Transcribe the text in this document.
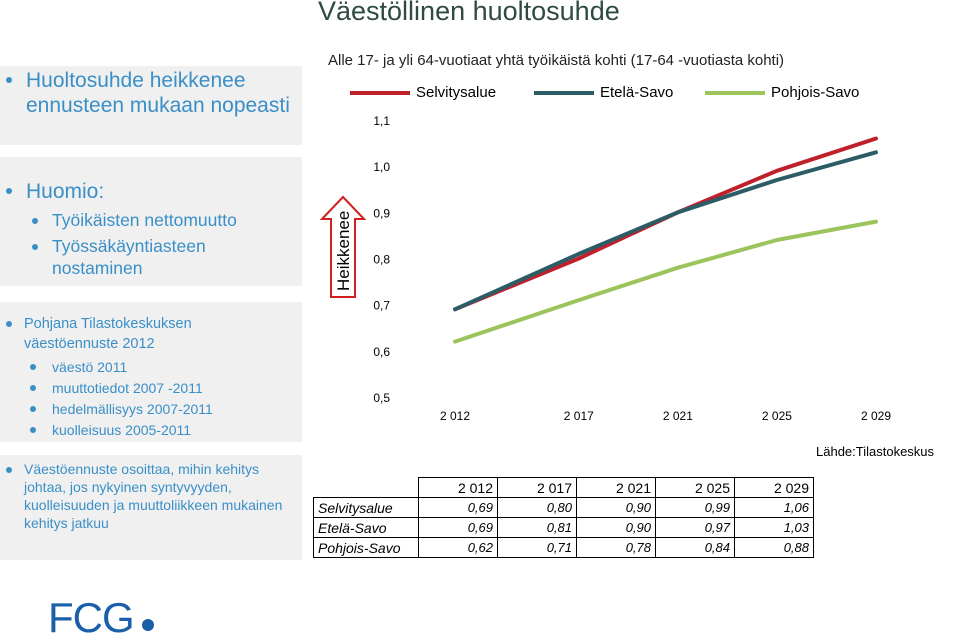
Väestöllinen huoltosuhde
Huoltosuhde heikkenee ennusteen mukaan nopeasti
Huomio:
Työikäisten nettomuutto
Työssäkäyntiasteen nostaminen
Pohjana Tilastokeskuksen väestöennuste 2012
väestö 2011
muuttotiedot 2007 -2011
hedelmällisyys 2007-2011
kuolleisuus 2005-2011
Väestöennuste osoittaa, mihin kehitys johtaa, jos nykyinen syntyvyyden, kuolleisuuden ja muuttoliikkeen mukainen kehitys jatkuu
Heikkenee
Alle 17- ja yli 64-vuotiaat yhtä työikäistä kohti (17-64 -vuotiasta kohti)
Selvitysalue	Etelä-Savo	Pohjois-Savo
0,5
0,6
0,7
0,8
0,9
1,0
1,1
2 012	2 017	2 021	2 025	2 029
Lähde:Tilastokeskus
	2 012	2 017	2 021	2 025	2 029
Selvitysalue	0,69	0,80	0,90	0,99	1,06
Etelä-Savo	0,69	0,81	0,90	0,97	1,03
Pohjois-Savo	0,62	0,71	0,78	0,84	0,88
FCG
